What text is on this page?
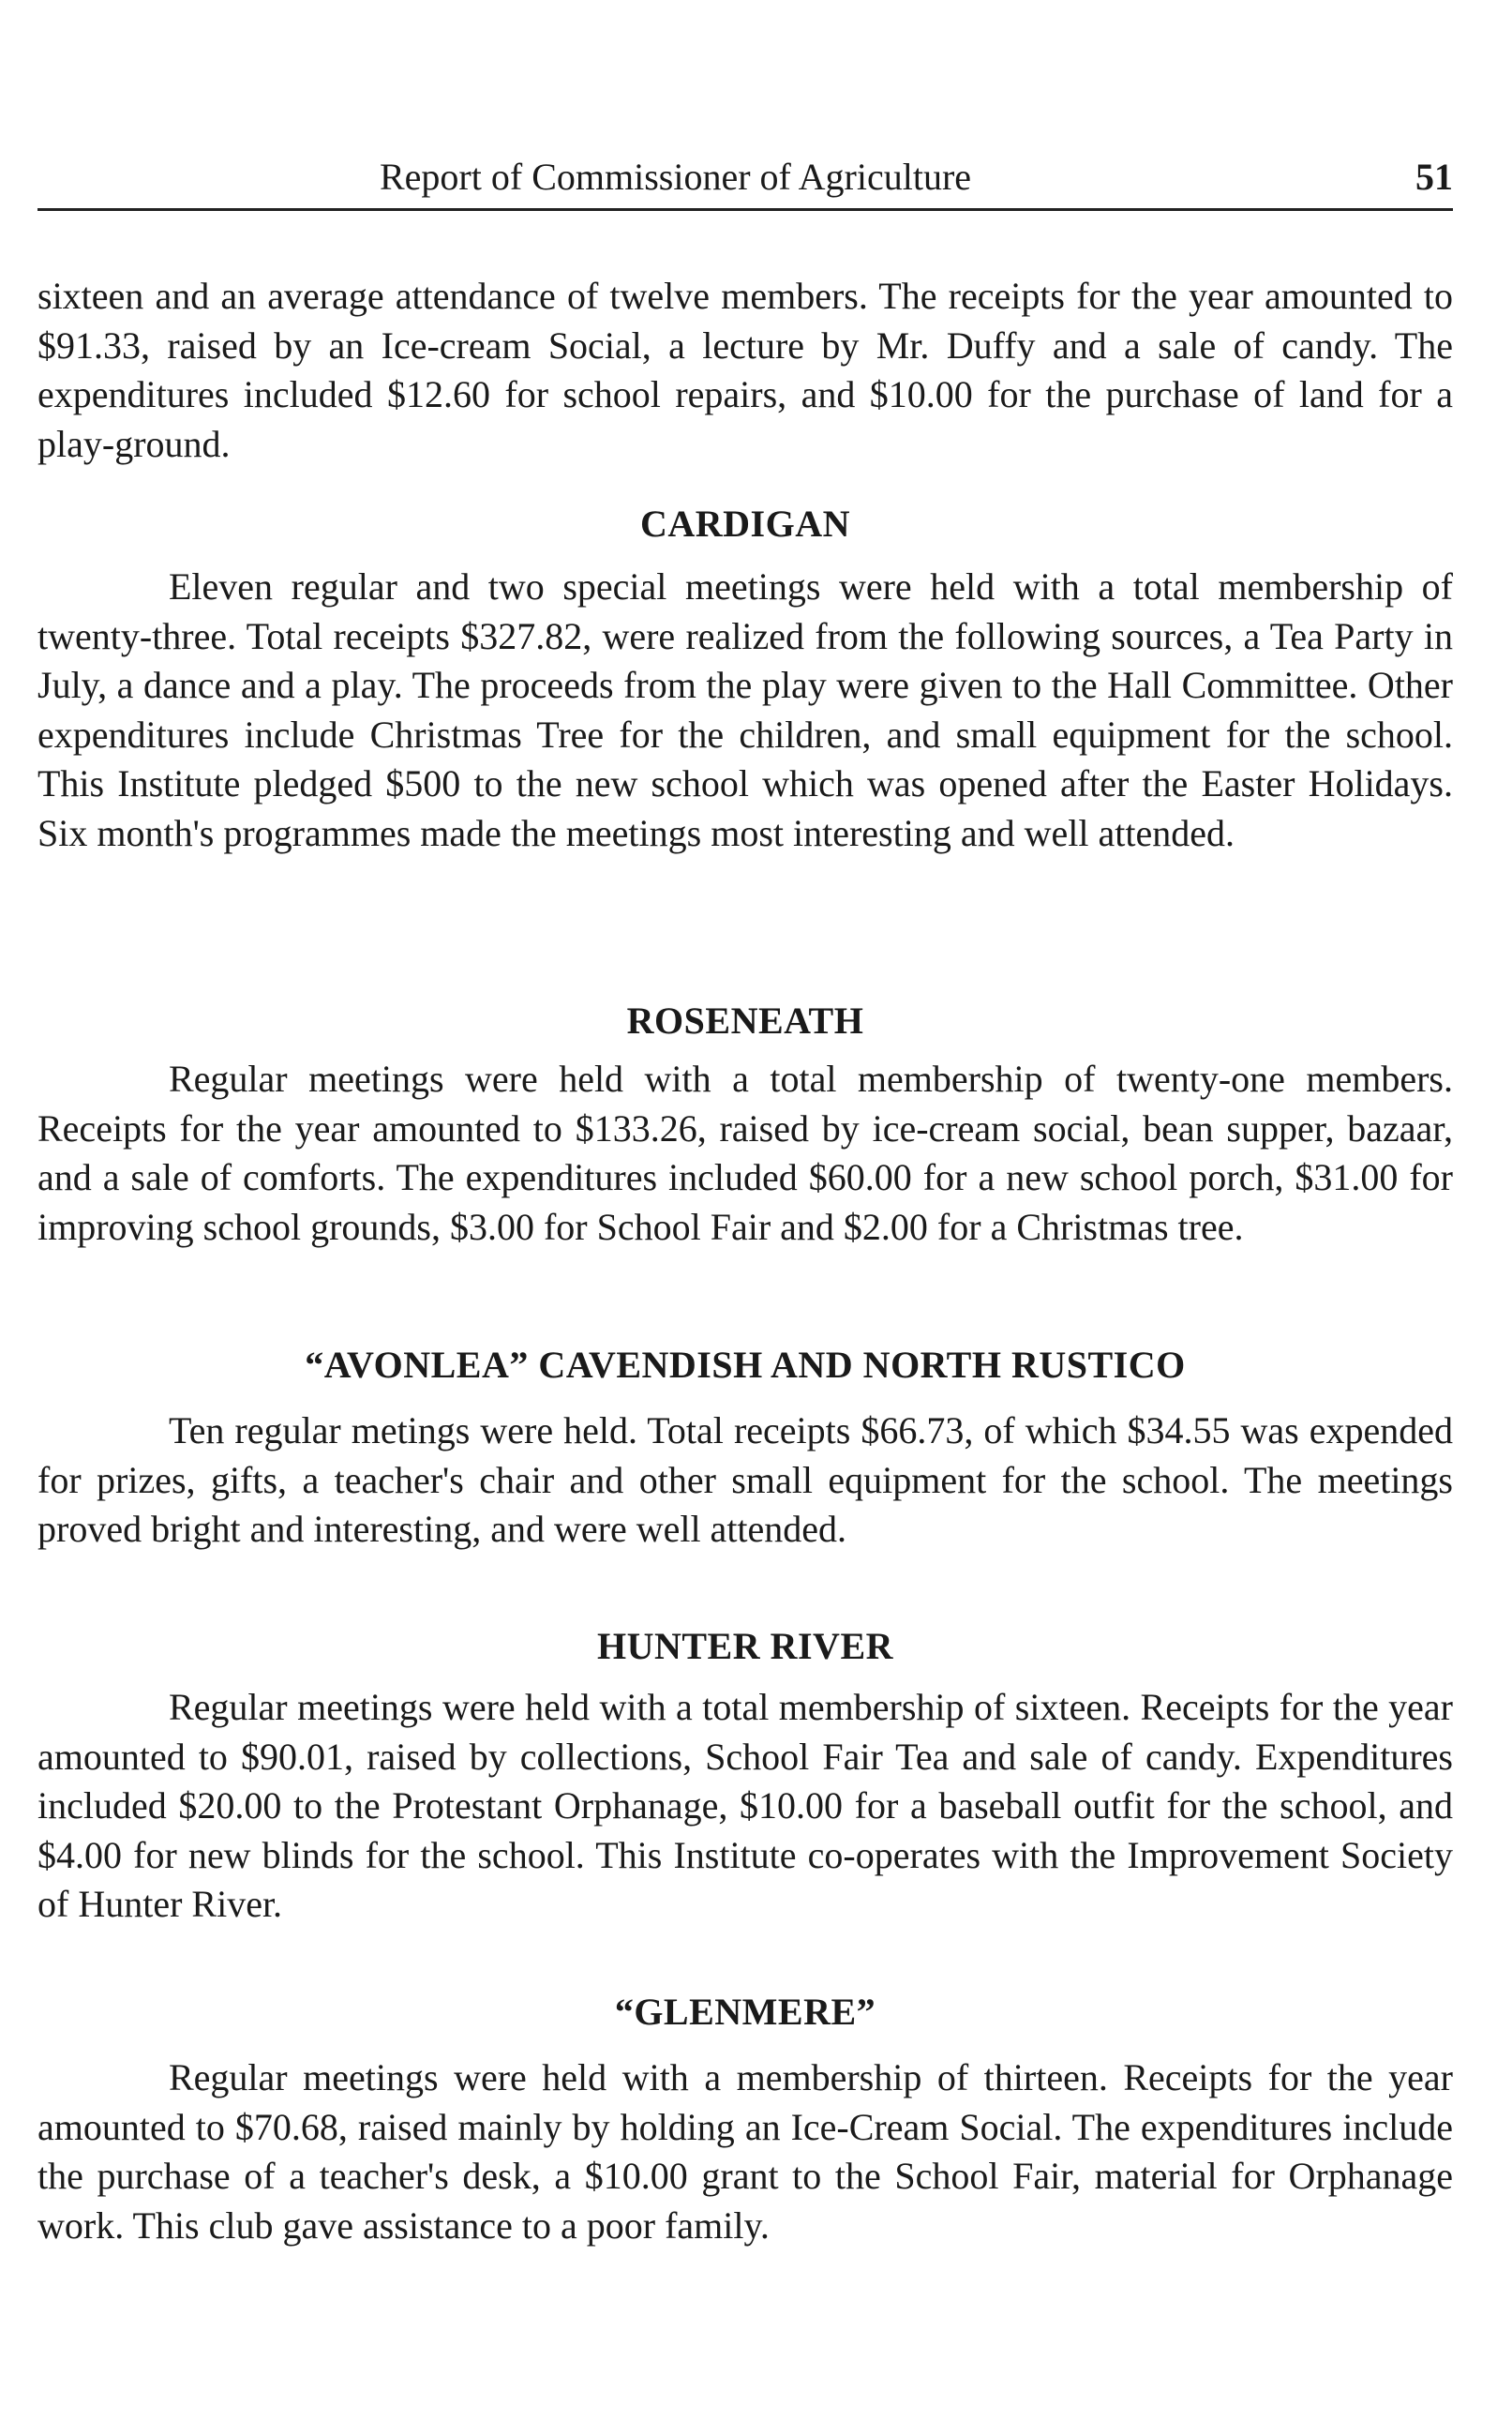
Report of Commissioner of Agriculture	51

sixteen and an average attendance of twelve members. The receipts for the year amounted to $91.33, raised by an Ice-cream Social, a lecture by Mr. Duffy and a sale of candy. The expenditures included $12.60 for school repairs, and $10.00 for the purchase of land for a play-ground.

CARDIGAN

Eleven regular and two special meetings were held with a total membership of twenty-three. Total receipts $327.82, were realized from the following sources, a Tea Party in July, a dance and a play. The proceeds from the play were given to the Hall Committee. Other expenditures include Christmas Tree for the children, and small equipment for the school. This Institute pledged $500 to the new school which was opened after the Easter Holidays. Six month's programmes made the meetings most interesting and well attended.

ROSENEATH

Regular meetings were held with a total membership of twenty-one members. Receipts for the year amounted to $133.26, raised by ice-cream social, bean supper, bazaar, and a sale of comforts. The expenditures included $60.00 for a new school porch, $31.00 for improving school grounds, $3.00 for School Fair and $2.00 for a Christmas tree.

“AVONLEA” CAVENDISH AND NORTH RUSTICO

Ten regular metings were held. Total receipts $66.73, of which $34.55 was expended for prizes, gifts, a teacher's chair and other small equipment for the school. The meetings proved bright and interesting, and were well attended.

HUNTER RIVER

Regular meetings were held with a total membership of sixteen. Receipts for the year amounted to $90.01, raised by collections, School Fair Tea and sale of candy. Expenditures included $20.00 to the Protestant Orphanage, $10.00 for a baseball outfit for the school, and $4.00 for new blinds for the school. This Institute co-operates with the Improvement Society of Hunter River.

“GLENMERE”

Regular meetings were held with a membership of thirteen. Receipts for the year amounted to $70.68, raised mainly by holding an Ice-Cream Social. The expenditures include the purchase of a teacher's desk, a $10.00 grant to the School Fair, material for Orphanage work. This club gave assistance to a poor family.
